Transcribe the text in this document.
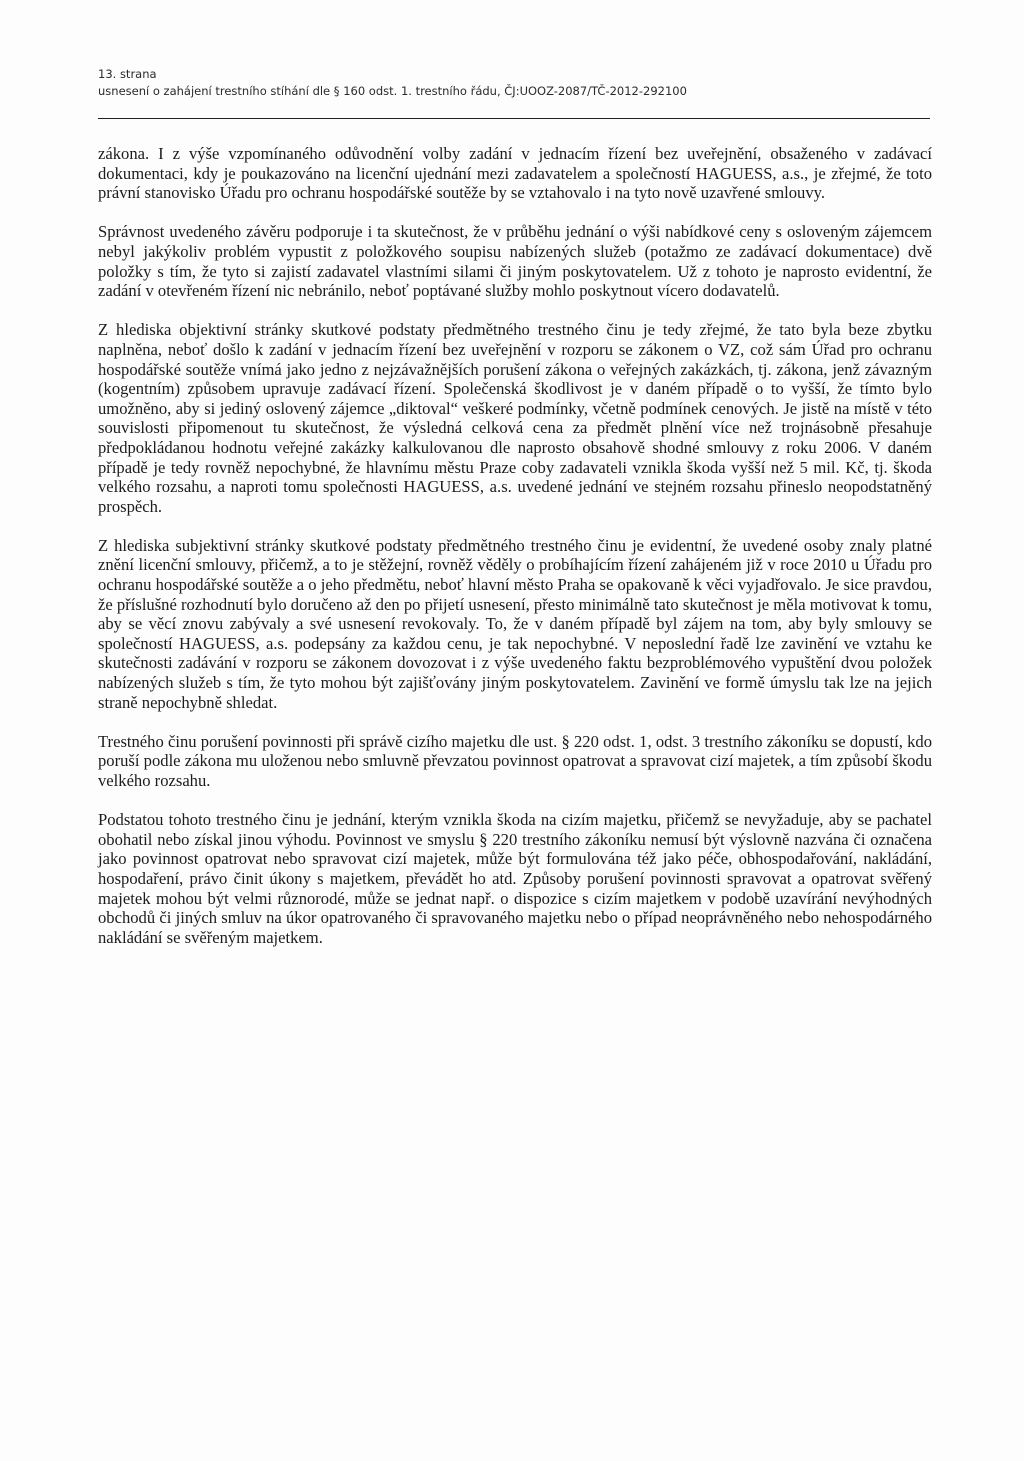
13. strana
usnesení o zahájení trestního stíhání dle § 160 odst. 1. trestního řádu, ČJ:UOOZ-2087/TČ-2012-292100

zákona. I z výše vzpomínaného odůvodnění volby zadání v jednacím řízení bez uveřejnění, obsaženého v zadávací dokumentaci, kdy je poukazováno na licenční ujednání mezi zadavatelem a společností HAGUESS, a.s., je zřejmé, že toto právní stanovisko Úřadu pro ochranu hospodářské soutěže by se vztahovalo i na tyto nově uzavřené smlouvy.

Správnost uvedeného závěru podporuje i ta skutečnost, že v průběhu jednání o výši nabídkové ceny s osloveným zájemcem nebyl jakýkoliv problém vypustit z položkového soupisu nabízených služeb (potažmo ze zadávací dokumentace) dvě položky s tím, že tyto si zajistí zadavatel vlastními silami či jiným poskytovatelem. Už z tohoto je naprosto evidentní, že zadání v otevřeném řízení nic nebránilo, neboť poptávané služby mohlo poskytnout vícero dodavatelů.

Z hlediska objektivní stránky skutkové podstaty předmětného trestného činu je tedy zřejmé, že tato byla beze zbytku naplněna, neboť došlo k zadání v jednacím řízení bez uveřejnění v rozporu se zákonem o VZ, což sám Úřad pro ochranu hospodářské soutěže vnímá jako jedno z nejzávažnějších porušení zákona o veřejných zakázkách, tj. zákona, jenž závazným (kogentním) způsobem upravuje zadávací řízení. Společenská škodlivost je v daném případě o to vyšší, že tímto bylo umožněno, aby si jediný oslovený zájemce „diktoval“ veškeré podmínky, včetně podmínek cenových. Je jistě na místě v této souvislosti připomenout tu skutečnost, že výsledná celková cena za předmět plnění více než trojnásobně přesahuje předpokládanou hodnotu veřejné zakázky kalkulovanou dle naprosto obsahově shodné smlouvy z roku 2006. V daném případě je tedy rovněž nepochybné, že hlavnímu městu Praze coby zadavateli vznikla škoda vyšší než 5 mil. Kč, tj. škoda velkého rozsahu, a naproti tomu společnosti HAGUESS, a.s. uvedené jednání ve stejném rozsahu přineslo neopodstatněný prospěch.

Z hlediska subjektivní stránky skutkové podstaty předmětného trestného činu je evidentní, že uvedené osoby znaly platné znění licenční smlouvy, přičemž, a to je stěžejní, rovněž věděly o probíhajícím řízení zahájeném již v roce 2010 u Úřadu pro ochranu hospodářské soutěže a o jeho předmětu, neboť hlavní město Praha se opakovaně k věci vyjadřovalo. Je sice pravdou, že příslušné rozhodnutí bylo doručeno až den po přijetí usnesení, přesto minimálně tato skutečnost je měla motivovat k tomu, aby se věcí znovu zabývaly a své usnesení revokovaly. To, že v daném případě byl zájem na tom, aby byly smlouvy se společností HAGUESS, a.s. podepsány za každou cenu, je tak nepochybné. V neposlední řadě lze zavinění ve vztahu ke skutečnosti zadávání v rozporu se zákonem dovozovat i z výše uvedeného faktu bezproblémového vypuštění dvou položek nabízených služeb s tím, že tyto mohou být zajišťovány jiným poskytovatelem. Zavinění ve formě úmyslu tak lze na jejich straně nepochybně shledat.

Trestného činu porušení povinnosti při správě cizího majetku dle ust. § 220 odst. 1, odst. 3 trestního zákoníku se dopustí, kdo poruší podle zákona mu uloženou nebo smluvně převzatou povinnost opatrovat a spravovat cizí majetek, a tím způsobí škodu velkého rozsahu.

Podstatou tohoto trestného činu je jednání, kterým vznikla škoda na cizím majetku, přičemž se nevyžaduje, aby se pachatel obohatil nebo získal jinou výhodu. Povinnost ve smyslu § 220 trestního zákoníku nemusí být výslovně nazvána či označena jako povinnost opatrovat nebo spravovat cizí majetek, může být formulována též jako péče, obhospodařování, nakládání, hospodaření, právo činit úkony s majetkem, převádět ho atd. Způsoby porušení povinnosti spravovat a opatrovat svěřený majetek mohou být velmi různorodé, může se jednat např. o dispozice s cizím majetkem v podobě uzavírání nevýhodných obchodů či jiných smluv na úkor opatrovaného či spravovaného majetku nebo o případ neoprávněného nebo nehospodárného nakládání se svěřeným majetkem.
